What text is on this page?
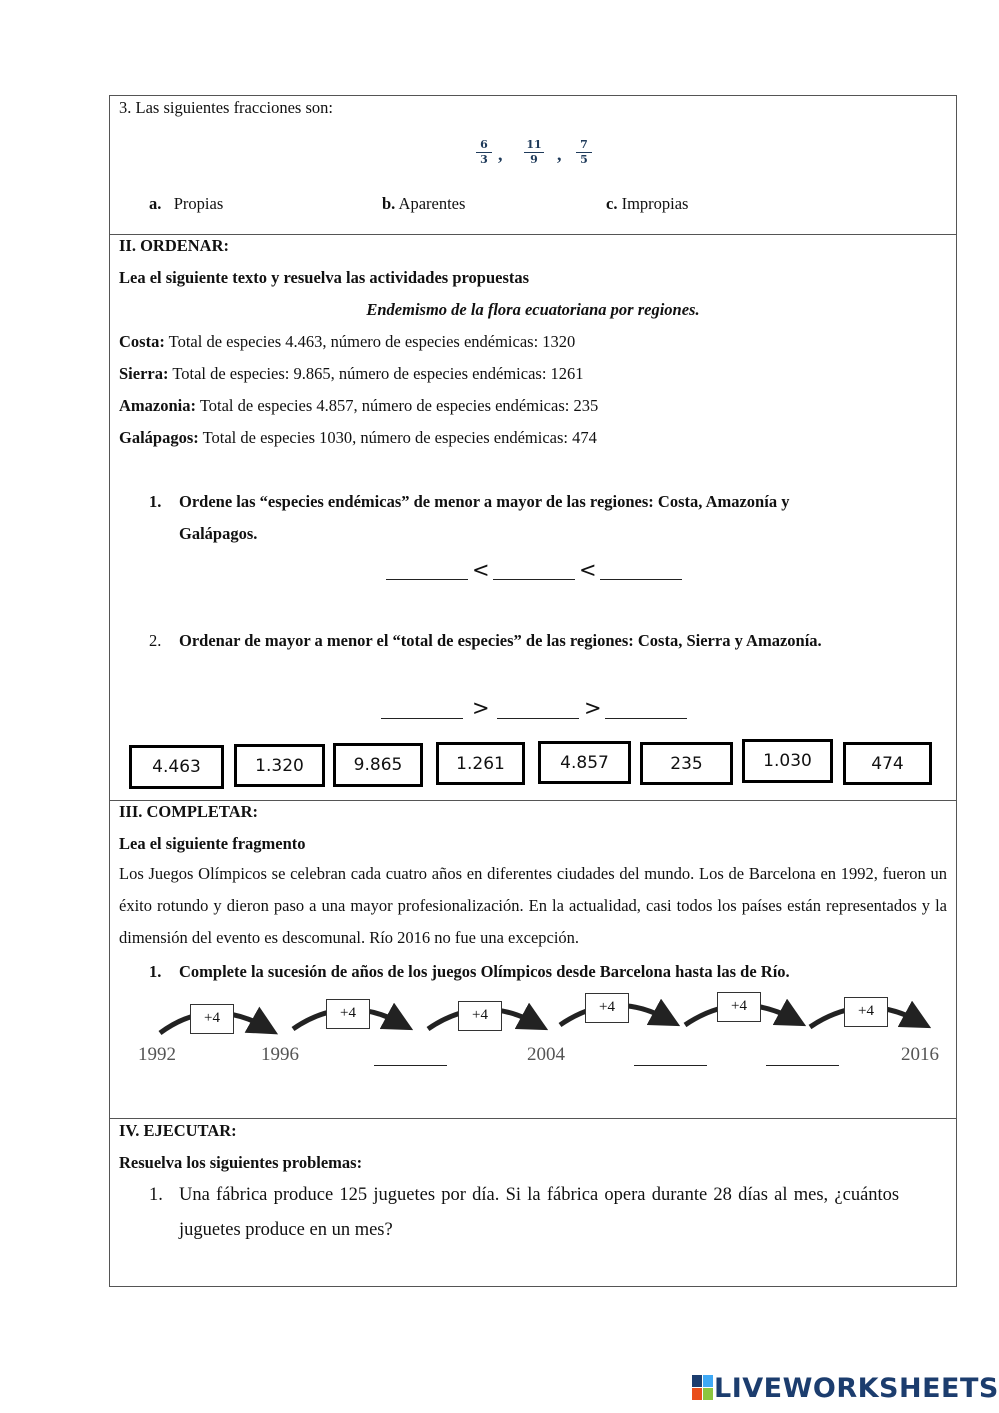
3. Las siguientes fracciones son:
$\frac{6}{3}$ , $\frac{11}{9}$ , $\frac{7}{5}$
a. Propias	b. Aparentes	c. Impropias
II. ORDENAR:
Lea el siguiente texto y resuelva las actividades propuestas
Endemismo de la flora ecuatoriana por regiones.
Costa: Total de especies 4.463, número de especies endémicas: 1320
Sierra: Total de especies: 9.865, número de especies endémicas: 1261
Amazonia: Total de especies 4.857, número de especies endémicas: 235
Galápagos: Total de especies 1030, número de especies endémicas: 474
1. Ordene las “especies endémicas” de menor a mayor de las regiones: Costa, Amazonía y
Galápagos.
<	<
2. Ordenar de mayor a menor el “total de especies” de las regiones: Costa, Sierra y Amazonía.
>	>
4.463	1.320	9.865	1.261	4.857	235	1.030	474
III. COMPLETAR:
Lea el siguiente fragmento
Los Juegos Olímpicos se celebran cada cuatro años en diferentes ciudades del mundo. Los de Barcelona en 1992, fueron un éxito rotundo y dieron paso a una mayor profesionalización. En la actualidad, casi todos los países están representados y la dimensión del evento es descomunal. Río 2016 no fue una excepción.
1. Complete la sucesión de años de los juegos Olímpicos desde Barcelona hasta las de Río.
+4	+4	+4	+4	+4	+4
1992	1996	2004	2016
IV. EJECUTAR:
Resuelva los siguientes problemas:
1. Una fábrica produce 125 juguetes por día. Si la fábrica opera durante 28 días al mes, ¿cuántos
juguetes produce en un mes?
LIVEWORKSHEETS
